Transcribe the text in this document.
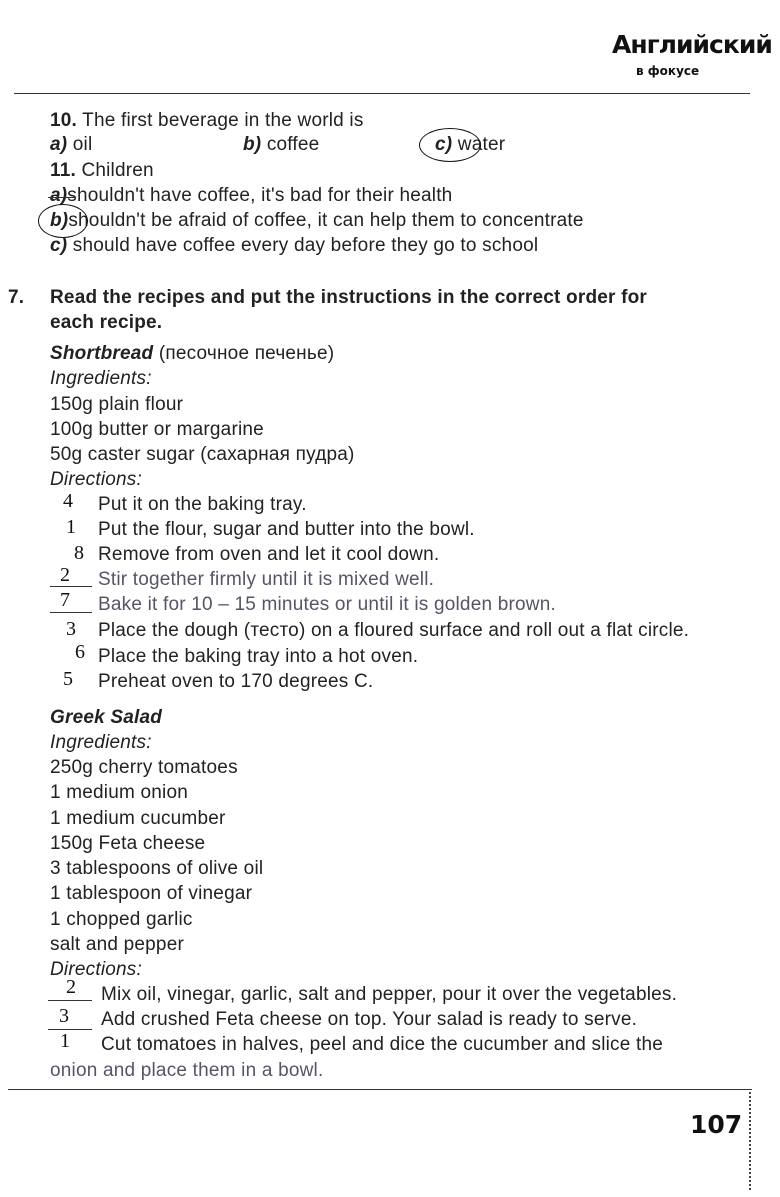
Английский
в фокусе
10. The first beverage in the world is
a) oil	b) coffee	c) water
11. Children
a)shouldn't have coffee, it's bad for their health
b)shouldn't be afraid of coffee, it can help them to concentrate
c) should have coffee every day before they go to school
7. Read the recipes and put the instructions in the correct order for
each recipe.
Shortbread (песочное печенье)
Ingredients:
150g plain flour
100g butter or margarine
50g caster sugar (сахарная пудра)
Directions:
4 Put it on the baking tray.
1 Put the flour, sugar and butter into the bowl.
8 Remove from oven and let it cool down.
2 Stir together firmly until it is mixed well.
7 Bake it for 10 – 15 minutes or until it is golden brown.
3 Place the dough (тесто) on a floured surface and roll out a flat circle.
6 Place the baking tray into a hot oven.
5 Preheat oven to 170 degrees C.
Greek Salad
Ingredients:
250g cherry tomatoes
1 medium onion
1 medium cucumber
150g Feta cheese
3 tablespoons of olive oil
1 tablespoon of vinegar
1 chopped garlic
salt and pepper
Directions:
2 Mix oil, vinegar, garlic, salt and pepper, pour it over the vegetables.
3 Add crushed Feta cheese on top. Your salad is ready to serve.
1 Cut tomatoes in halves, peel and dice the cucumber and slice the
onion and place them in a bowl.
107
